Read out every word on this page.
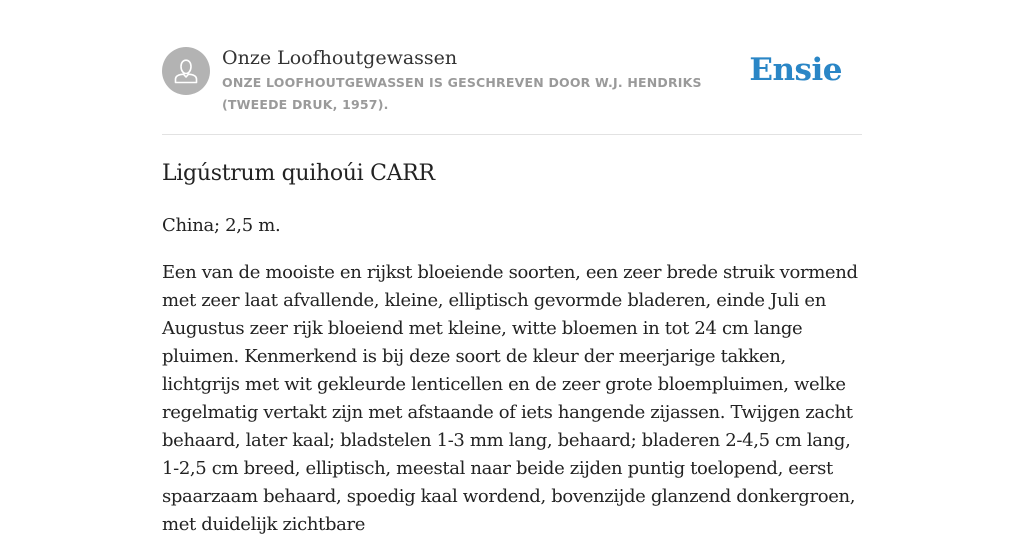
Onze Loofhoutgewassen
ONZE LOOFHOUTGEWASSEN IS GESCHREVEN DOOR W.J. HENDRIKS (TWEEDE DRUK, 1957).
Ensie
Ligústrum quihoúi CARR
China; 2,5 m.

Een van de mooiste en rijkst bloeiende soorten, een zeer brede struik vormend met zeer laat afvallende, kleine, elliptisch gevormde bladeren, einde Juli en Augustus zeer rijk bloeiend met kleine, witte bloemen in tot 24 cm lange pluimen. Kenmerkend is bij deze soort de kleur der meerjarige takken, lichtgrijs met wit gekleurde lenticellen en de zeer grote bloempluimen, welke regelmatig vertakt zijn met afstaande of iets hangende zijassen. Twijgen zacht behaard, later kaal; bladstelen 1-3 mm lang, behaard; bladeren 2-4,5 cm lang, 1-2,5 cm breed, elliptisch, meestal naar beide zijden puntig toelopend, eerst spaarzaam behaard, spoedig kaal wordend, bovenzijde glanzend donkergroen, met duidelijk zichtbare
